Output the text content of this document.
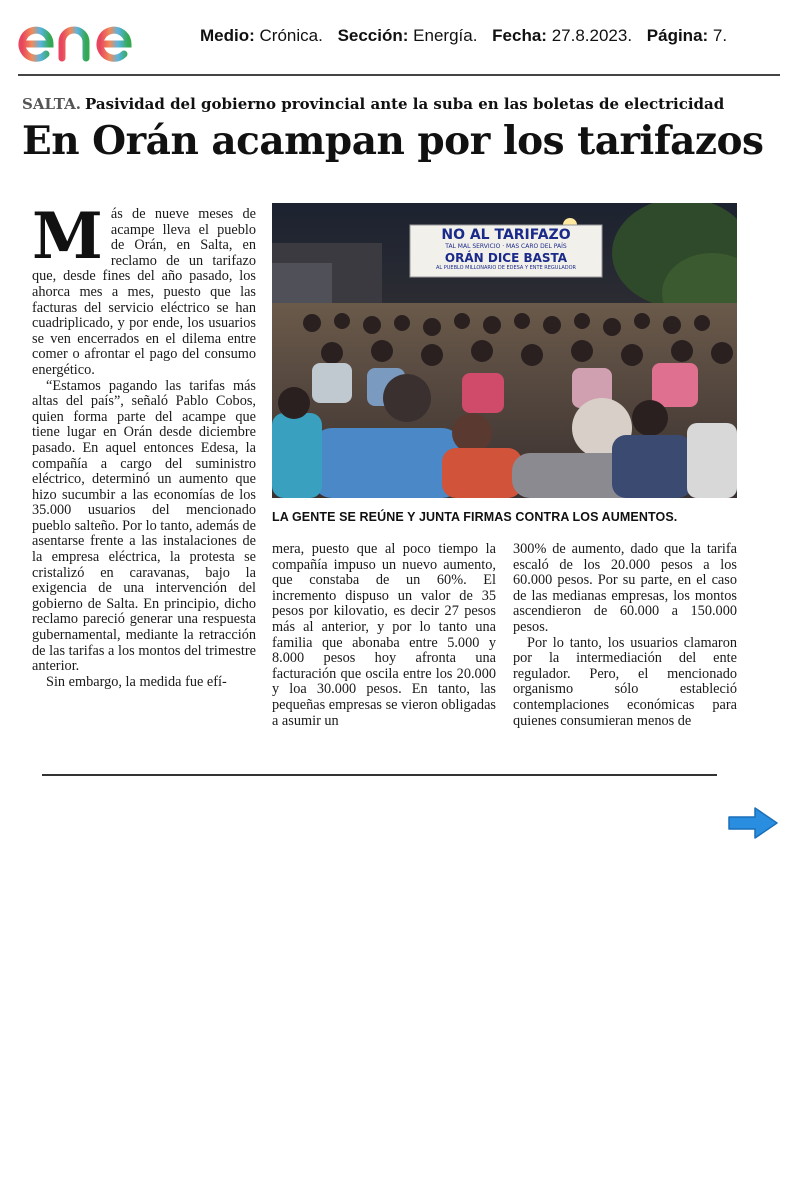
Medio: Crónica. Sección: Energía. Fecha: 27.8.2023. Página: 7.
SALTA. Pasividad del gobierno provincial ante la suba en las boletas de electricidad
En Orán acampan por los tarifazos

Más de nueve meses de acampe lleva el pueblo de Orán, en Salta, en reclamo de un tarifazo que, desde fines del año pasado, los ahorca mes a mes, puesto que las facturas del servicio eléctrico se han cuadriplicado, y por ende, los usuarios se ven encerrados en el dilema entre comer o afrontar el pago del consumo energético.

“Estamos pagando las tarifas más altas del país”, señaló Pablo Cobos, quien forma parte del acampe que tiene lugar en Orán desde diciembre pasado. En aquel entonces Edesa, la compañía a cargo del suministro eléctrico, determinó un aumento que hizo sucumbir a las economías de los 35.000 usuarios del mencionado pueblo salteño. Por lo tanto, además de asentarse frente a las instalaciones de la empresa eléctrica, la protesta se cristalizó en caravanas, bajo la exigencia de una intervención del gobierno de Salta. En principio, dicho reclamo pareció generar una respuesta gubernamental, mediante la retracción de las tarifas a los montos del trimestre anterior.

Sin embargo, la medida fue efí-

NO AL TARIFAZO
TAL MAL SERVICIO · MAS CARO DEL PAÍS
ORÁN DICE BASTA
AL PUEBLO MILLONARIO DE EDESA Y ENTE REGULADOR
LA GENTE SE REÚNE Y JUNTA FIRMAS CONTRA LOS AUMENTOS.

mera, puesto que al poco tiempo la compañía impuso un nuevo aumento, que constaba de un 60%. El incremento dispuso un valor de 35 pesos por kilovatio, es decir 27 pesos más al anterior, y por lo tanto una familia que abonaba entre 5.000 y 8.000 pesos hoy afronta una facturación que oscila entre los 20.000 y loa 30.000 pesos. En tanto, las pequeñas empresas se vieron obligadas a asumir un

300% de aumento, dado que la tarifa escaló de los 20.000 pesos a los 60.000 pesos. Por su parte, en el caso de las medianas empresas, los montos ascendieron de 60.000 a 150.000 pesos.

Por lo tanto, los usuarios clamaron por la intermediación del ente regulador. Pero, el mencionado organismo sólo estableció contemplaciones económicas para quienes consumieran menos de
